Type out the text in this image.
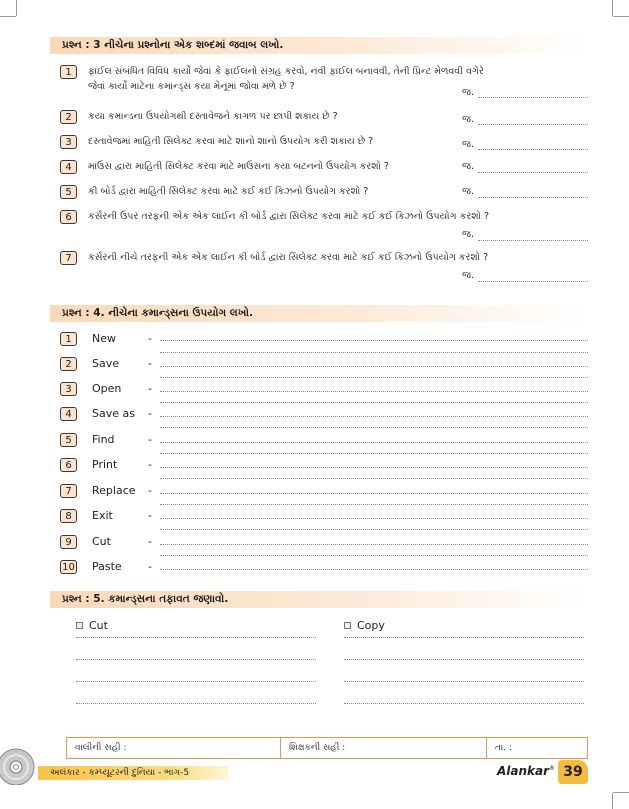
પ્રશ્ન : 3 નીચેના પ્રશ્નોના એક શબ્દમાં જવાબ લખો.
1	ફાઈલ સંબંધિત વિવિધ કાર્યો જેવાં કે ફાઈલનો સંગ્રહ કરવો, નવી ફાઈલ બનાવવી, તેની પ્રિન્ટ મેળવવી વગેરે
જેવાં કાર્યો માટેના કમાન્ડ્સ કયા મેનૂમાં જોવા મળે છે ?
જ.
2	કયા કમાન્ડના ઉપયોગથી દસ્તાવેજને કાગળ પર છાપી શકાય છે ?	જ.
3	દસ્તાવેજમાં માહિતી સિલેક્ટ કરવા માટે શાનો શાનો ઉપયોગ કરી શકાય છે ?	જ.
4	માઉસ દ્વારા માહિતી સિલેક્ટ કરવા માટે માઉસના કયા બટનનો ઉપયોગ કરશો ?	જ.
5	કી બોર્ડ દ્વારા માહિતી સિલેક્ટ કરવા માટે કઈ કઈ કિઝનો ઉપયોગ કરશો ?	જ.
6	કર્સરની ઉપર તરફની એક એક લાઈન કી બોર્ડ દ્વારા સિલેક્ટ કરવા માટે કઈ કઈ કિઝનો ઉપયોગ કરશો ?
જ.
7	કર્સરની નીચે તરફની એક એક લાઈન કી બોર્ડ દ્વારા સિલેક્ટ કરવા માટે કઈ કઈ કિઝનો ઉપયોગ કરશો ?
જ.
પ્રશ્ન : 4. નીચેના કમાન્ડ્સના ઉપયોગ લખો.
1	New	-
2	Save	-
3	Open -
4	Save as -
5	Find	-
6	Print	-
7	Replace -
8	Exit	-
9	Cut	-
10 Paste -
પ્રશ્ન : 5. કમાન્ડ્સના તફાવત જણાવો.
Cut	Copy
વાલીની સહી :	શિક્ષકની સહી :	તા. :
અલંકાર - કમ્પ્યૂટરની દુનિયા - ભાગ-5	Alankar® 39
